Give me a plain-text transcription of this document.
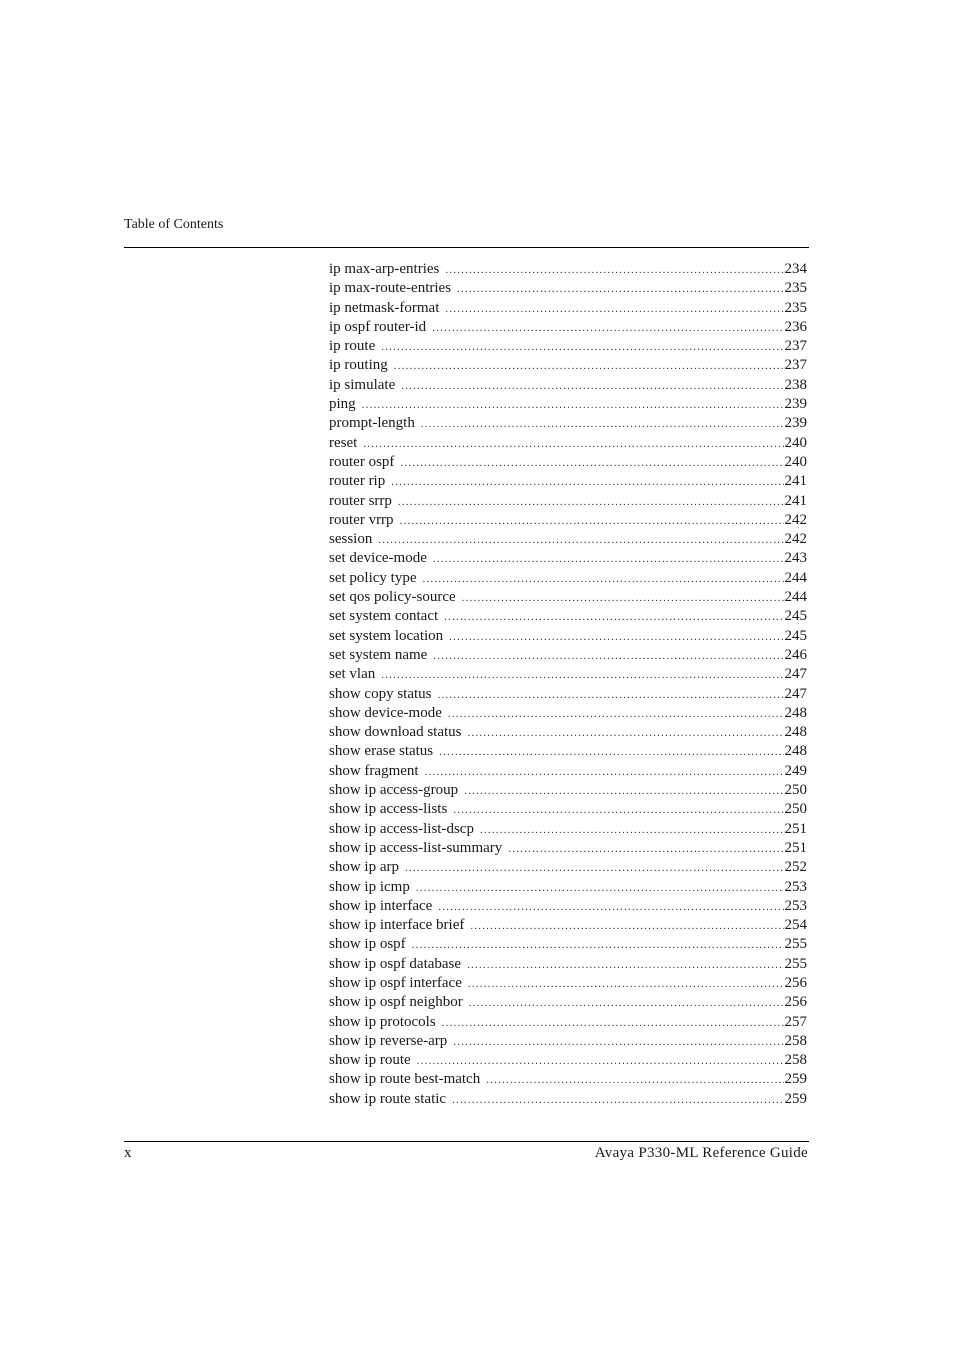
Table of Contents
ip max-arp-entries .....	234
ip max-route-entries .....	235
ip netmask-format .....	235
ip ospf router-id .....	236
ip route .....	237
ip routing .....	237
ip simulate .....	238
ping .....	239
prompt-length .....	239
reset .....	240
router ospf .....	240
router rip .....	241
router srrp .....	241
router vrrp .....	242
session .....	242
set device-mode .....	243
set policy type .....	244
set qos policy-source .....	244
set system contact .....	245
set system location .....	245
set system name .....	246
set vlan .....	247
show copy status .....	247
show device-mode .....	248
show download status .....	248
show erase status .....	248
show fragment .....	249
show ip access-group .....	250
show ip access-lists .....	250
show ip access-list-dscp .....	251
show ip access-list-summary .....	251
show ip arp .....	252
show ip icmp .....	253
show ip interface .....	253
show ip interface brief .....	254
show ip ospf .....	255
show ip ospf database .....	255
show ip ospf interface .....	256
show ip ospf neighbor .....	256
show ip protocols .....	257
show ip reverse-arp .....	258
show ip route .....	258
show ip route best-match .....	259
show ip route static .....	259
x	Avaya P330-ML Reference Guide
